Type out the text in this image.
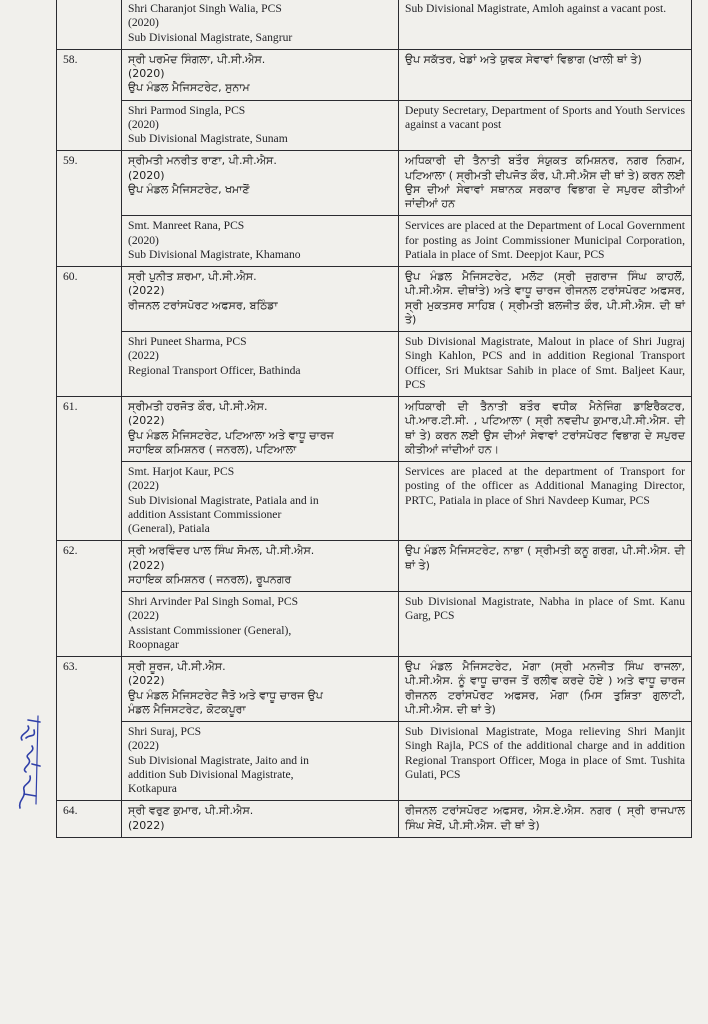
	Shri Charanjot Singh Walia, PCS
(2020)
Sub Divisional Magistrate, Sangrur	Sub Divisional Magistrate, Amloh against a vacant post.

58.	ਸ੍ਰੀ ਪਰਮੋਦ ਸਿੰਗਲਾ, ਪੀ.ਸੀ.ਐਸ.
(2020)
ਉਪ ਮੰਡਲ ਮੈਜਿਸਟਰੇਟ, ਸੁਨਾਮ	ਉਪ ਸਕੱਤਰ, ਖੇਡਾਂ ਅਤੇ ਯੁਵਕ ਸੇਵਾਵਾਂ ਵਿਭਾਗ (ਖਾਲੀ ਥਾਂ ਤੇ)

	Shri Parmod Singla, PCS
(2020)
Sub Divisional Magistrate, Sunam	Deputy Secretary, Department of Sports and Youth Services against a vacant post

59.	ਸ੍ਰੀਮਤੀ ਮਨਰੀਤ ਰਾਣਾ, ਪੀ.ਸੀ.ਐਸ.
(2020)
ਉਪ ਮੰਡਲ ਮੈਜਿਸਟਰੇਟ, ਖਮਾਣੋਂ	ਅਧਿਕਾਰੀ ਦੀ ਤੈਨਾਤੀ ਬਤੌਰ ਸੰਯੁਕਤ ਕਮਿਸ਼ਨਰ, ਨਗਰ ਨਿਗਮ, ਪਟਿਆਲਾ ( ਸ੍ਰੀਮਤੀ ਦੀਪਜੋਤ ਕੌਰ, ਪੀ.ਸੀ.ਐਸ ਦੀ ਥਾਂ ਤੇ) ਕਰਨ ਲਈ ਉਸ ਦੀਆਂ ਸੇਵਾਵਾਂ ਸਥਾਨਕ ਸਰਕਾਰ ਵਿਭਾਗ ਦੇ ਸਪੁਰਦ ਕੀਤੀਆਂ ਜਾਂਦੀਆਂ ਹਨ

	Smt. Manreet Rana, PCS
(2020)
Sub Divisional Magistrate, Khamano	Services are placed at the Department of Local Government for posting as Joint Commissioner Municipal Corporation, Patiala in place of Smt. Deepjot Kaur, PCS

60.	ਸ੍ਰੀ ਪੁਨੀਤ ਸ਼ਰਮਾ, ਪੀ.ਸੀ.ਐਸ.
(2022)
ਰੀਜਨਲ ਟਰਾਂਸਪੋਰਟ ਅਫਸਰ, ਬਠਿੰਡਾ	ਉਪ ਮੰਡਲ ਮੈਜਿਸਟਰੇਟ, ਮਲੋਟ (ਸ੍ਰੀ ਜੁਗਰਾਜ ਸਿੰਘ ਕਾਹਲੋਂ, ਪੀ.ਸੀ.ਐਸ. ਦੀਥਾਂਤੇ) ਅਤੇ ਵਾਧੂ ਚਾਰਜ ਰੀਜਨਲ ਟਰਾਂਸਪੋਰਟ ਅਫਸਰ, ਸ੍ਰੀ ਮੁਕਤਸਰ ਸਾਹਿਬ ( ਸ੍ਰੀਮਤੀ ਬਲਜੀਤ ਕੌਰ, ਪੀ.ਸੀ.ਐਸ. ਦੀ ਥਾਂ ਤੇ)

	Shri Puneet Sharma, PCS
(2022)
Regional Transport Officer, Bathinda	Sub Divisional Magistrate, Malout in place of Shri Jugraj Singh Kahlon, PCS and in addition Regional Transport Officer, Sri Muktsar Sahib in place of Smt. Baljeet Kaur, PCS

61.	ਸ੍ਰੀਮਤੀ ਹਰਜੋਤ ਕੌਰ, ਪੀ.ਸੀ.ਐਸ.
(2022)
ਉਪ ਮੰਡਲ ਮੈਜਿਸਟਰੇਟ, ਪਟਿਆਲਾ ਅਤੇ ਵਾਧੂ ਚਾਰਜ
ਸਹਾਇਕ ਕਮਿਸ਼ਨਰ ( ਜਨਰਲ), ਪਟਿਆਲਾ	ਅਧਿਕਾਰੀ ਦੀ ਤੈਨਾਤੀ ਬਤੌਰ ਵਧੀਕ ਮੈਨੇਜਿੰਗ ਡਾਇਰੈਕਟਰ, ਪੀ.ਆਰ.ਟੀ.ਸੀ. , ਪਟਿਆਲਾ ( ਸ੍ਰੀ ਨਵਦੀਪ ਕੁਮਾਰ,ਪੀ.ਸੀ.ਐਸ. ਦੀ ਥਾਂ ਤੇ) ਕਰਨ ਲਈ ਉਸ ਦੀਆਂ ਸੇਵਾਵਾਂ ਟਰਾਂਸਪੋਰਟ ਵਿਭਾਗ ਦੇ ਸਪੁਰਦ ਕੀਤੀਆਂ ਜਾਂਦੀਆਂ ਹਨ।

	Smt. Harjot Kaur, PCS
(2022)
Sub Divisional Magistrate, Patiala and in
addition Assistant Commissioner
(General), Patiala	Services are placed at the department of Transport for posting of the officer as Additional Managing Director, PRTC, Patiala in place of Shri Navdeep Kumar, PCS

62.	ਸ੍ਰੀ ਅਰਵਿੰਦਰ ਪਾਲ ਸਿੰਘ ਸੋਮਲ, ਪੀ.ਸੀ.ਐਸ.
(2022)
ਸਹਾਇਕ ਕਮਿਸ਼ਨਰ ( ਜਨਰਲ), ਰੂਪਨਗਰ	ਉਪ ਮੰਡਲ ਮੈਜਿਸਟਰੇਟ, ਨਾਭਾ ( ਸ੍ਰੀਮਤੀ ਕਨੂ ਗਰਗ, ਪੀ.ਸੀ.ਐਸ. ਦੀ ਥਾਂ ਤੇ)

	Shri Arvinder Pal Singh Somal, PCS
(2022)
Assistant Commissioner (General),
Roopnagar	Sub Divisional Magistrate, Nabha in place of Smt. Kanu Garg, PCS

63.	ਸ੍ਰੀ ਸੂਰਜ, ਪੀ.ਸੀ.ਐਸ.
(2022)
ਉਪ ਮੰਡਲ ਮੈਜਿਸਟਰੇਟ ਜੈਤੋ ਅਤੇ ਵਾਧੂ ਚਾਰਜ ਉਪ
ਮੰਡਲ ਮੈਜਿਸਟਰੇਟ, ਕੋਟਕਪੂਰਾ	ਉਪ ਮੰਡਲ ਮੈਜਿਸਟਰੇਟ, ਮੋਗਾ (ਸ੍ਰੀ ਮਨਜੀਤ ਸਿੰਘ ਰਾਜਲਾ, ਪੀ.ਸੀ.ਐਸ. ਨੂੰ ਵਾਧੂ ਚਾਰਜ ਤੋਂ ਰਲੀਵ ਕਰਦੇ ਹੋਏ ) ਅਤੇ ਵਾਧੂ ਚਾਰਜ ਰੀਜਨਲ ਟਰਾਂਸਪੋਰਟ ਅਫਸਰ, ਮੋਗਾ (ਮਿਸ ਤੁਸ਼ਿਤਾ ਗੁਲਾਟੀ, ਪੀ.ਸੀ.ਐਸ. ਦੀ ਥਾਂ ਤੇ)

	Shri Suraj, PCS
(2022)
Sub Divisional Magistrate, Jaito and in
addition Sub Divisional Magistrate,
Kotkapura	Sub Divisional Magistrate, Moga relieving Shri Manjit Singh Rajla, PCS of the additional charge and in addition Regional Transport Officer, Moga in place of Smt. Tushita Gulati, PCS

64.	ਸ੍ਰੀ ਵਰੁਣ ਕੁਮਾਰ, ਪੀ.ਸੀ.ਐਸ.
(2022)	ਰੀਜਨਲ ਟਰਾਂਸਪੋਰਟ ਅਫਸਰ, ਐਸ.ਏ.ਐਸ. ਨਗਰ ( ਸ੍ਰੀ ਰਾਜਪਾਲ ਸਿੰਘ ਸੇਖੋਂ, ਪੀ.ਸੀ.ਐਸ. ਦੀ ਥਾਂ ਤੇ)
